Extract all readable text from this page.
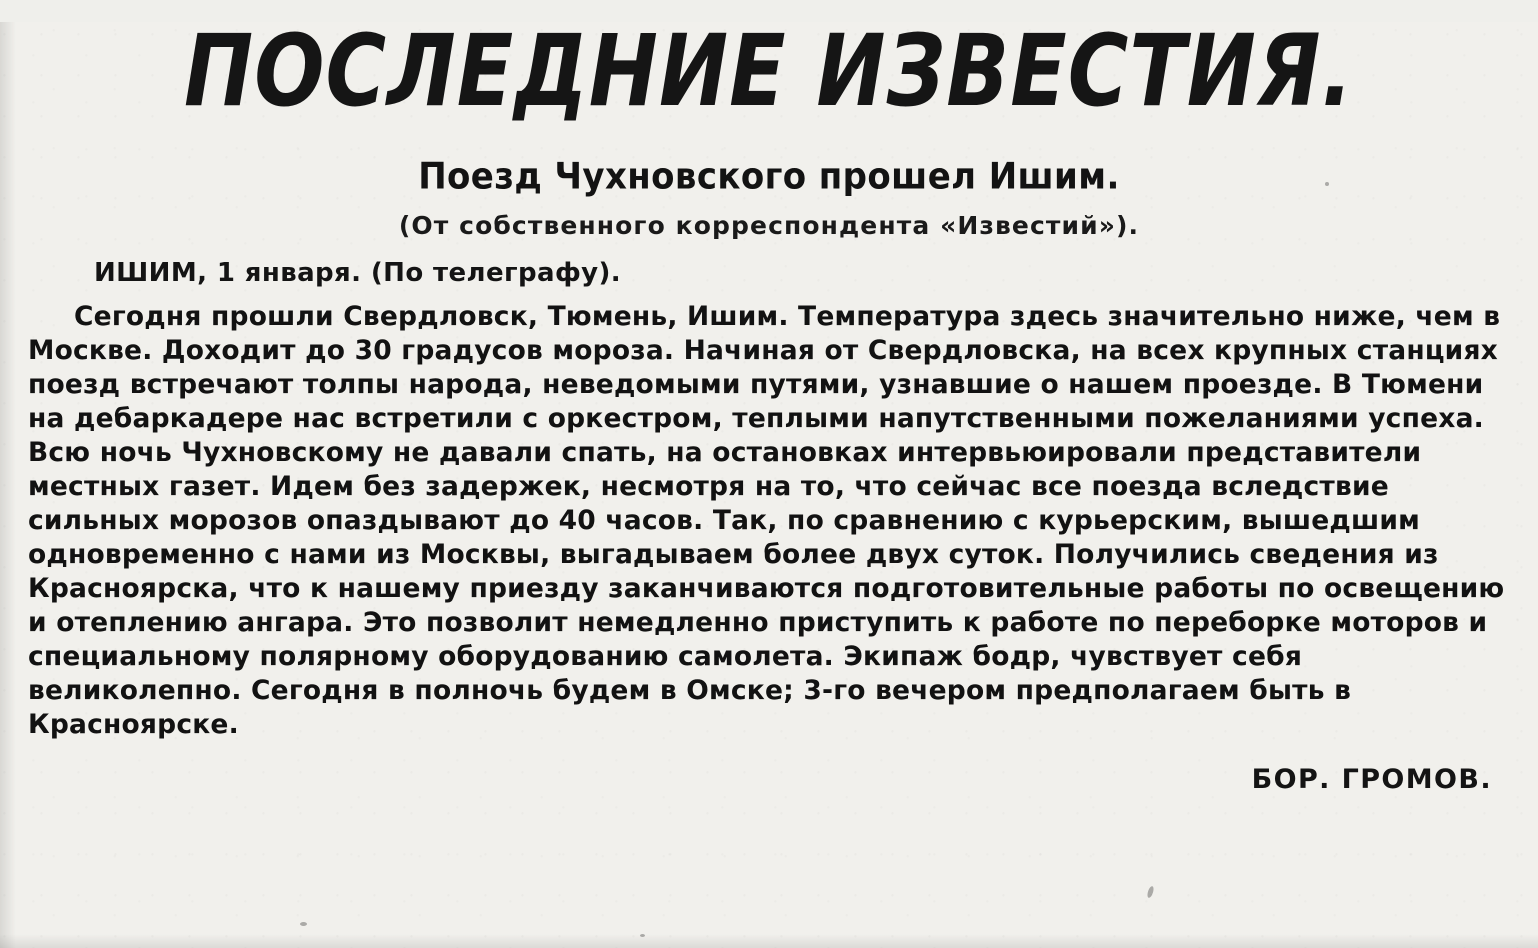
ПОСЛЕДНИЕ ИЗВЕСТИЯ.
Поезд Чухновского прошел Ишим.
(От собственного корреспондента «Известий»).
ИШИМ, 1 января. (По телеграфу).

Сегодня прошли Свердловск, Тюмень, Ишим. Температура здесь значительно ниже, чем в Москве. Доходит до 30 градусов мороза. Начиная от Свердловска, на всех крупных станциях поезд встречают толпы народа, неведомыми путями, узнавшие о нашем проезде. В Тюмени на дебаркадере нас встретили с оркестром, теплыми напутственными пожеланиями успеха. Всю ночь Чухновскому не давали спать, на остановках интервьюировали представители местных газет. Идем без задержек, несмотря на то, что сейчас все поезда вследствие сильных морозов опаздывают до 40 часов. Так, по сравнению с курьерским, вышедшим одновременно с нами из Москвы, выгадываем более двух суток. Получились сведения из Красноярска, что к нашему приезду заканчиваются подготовительные работы по освещению и отеплению ангара. Это позволит немедленно приступить к работе по переборке моторов и специальному полярному оборудованию самолета. Экипаж бодр, чувствует себя великолепно. Сегодня в полночь будем в Омске; 3-го вечером предполагаем быть в Красноярске.

БОР. ГРОМОВ.
